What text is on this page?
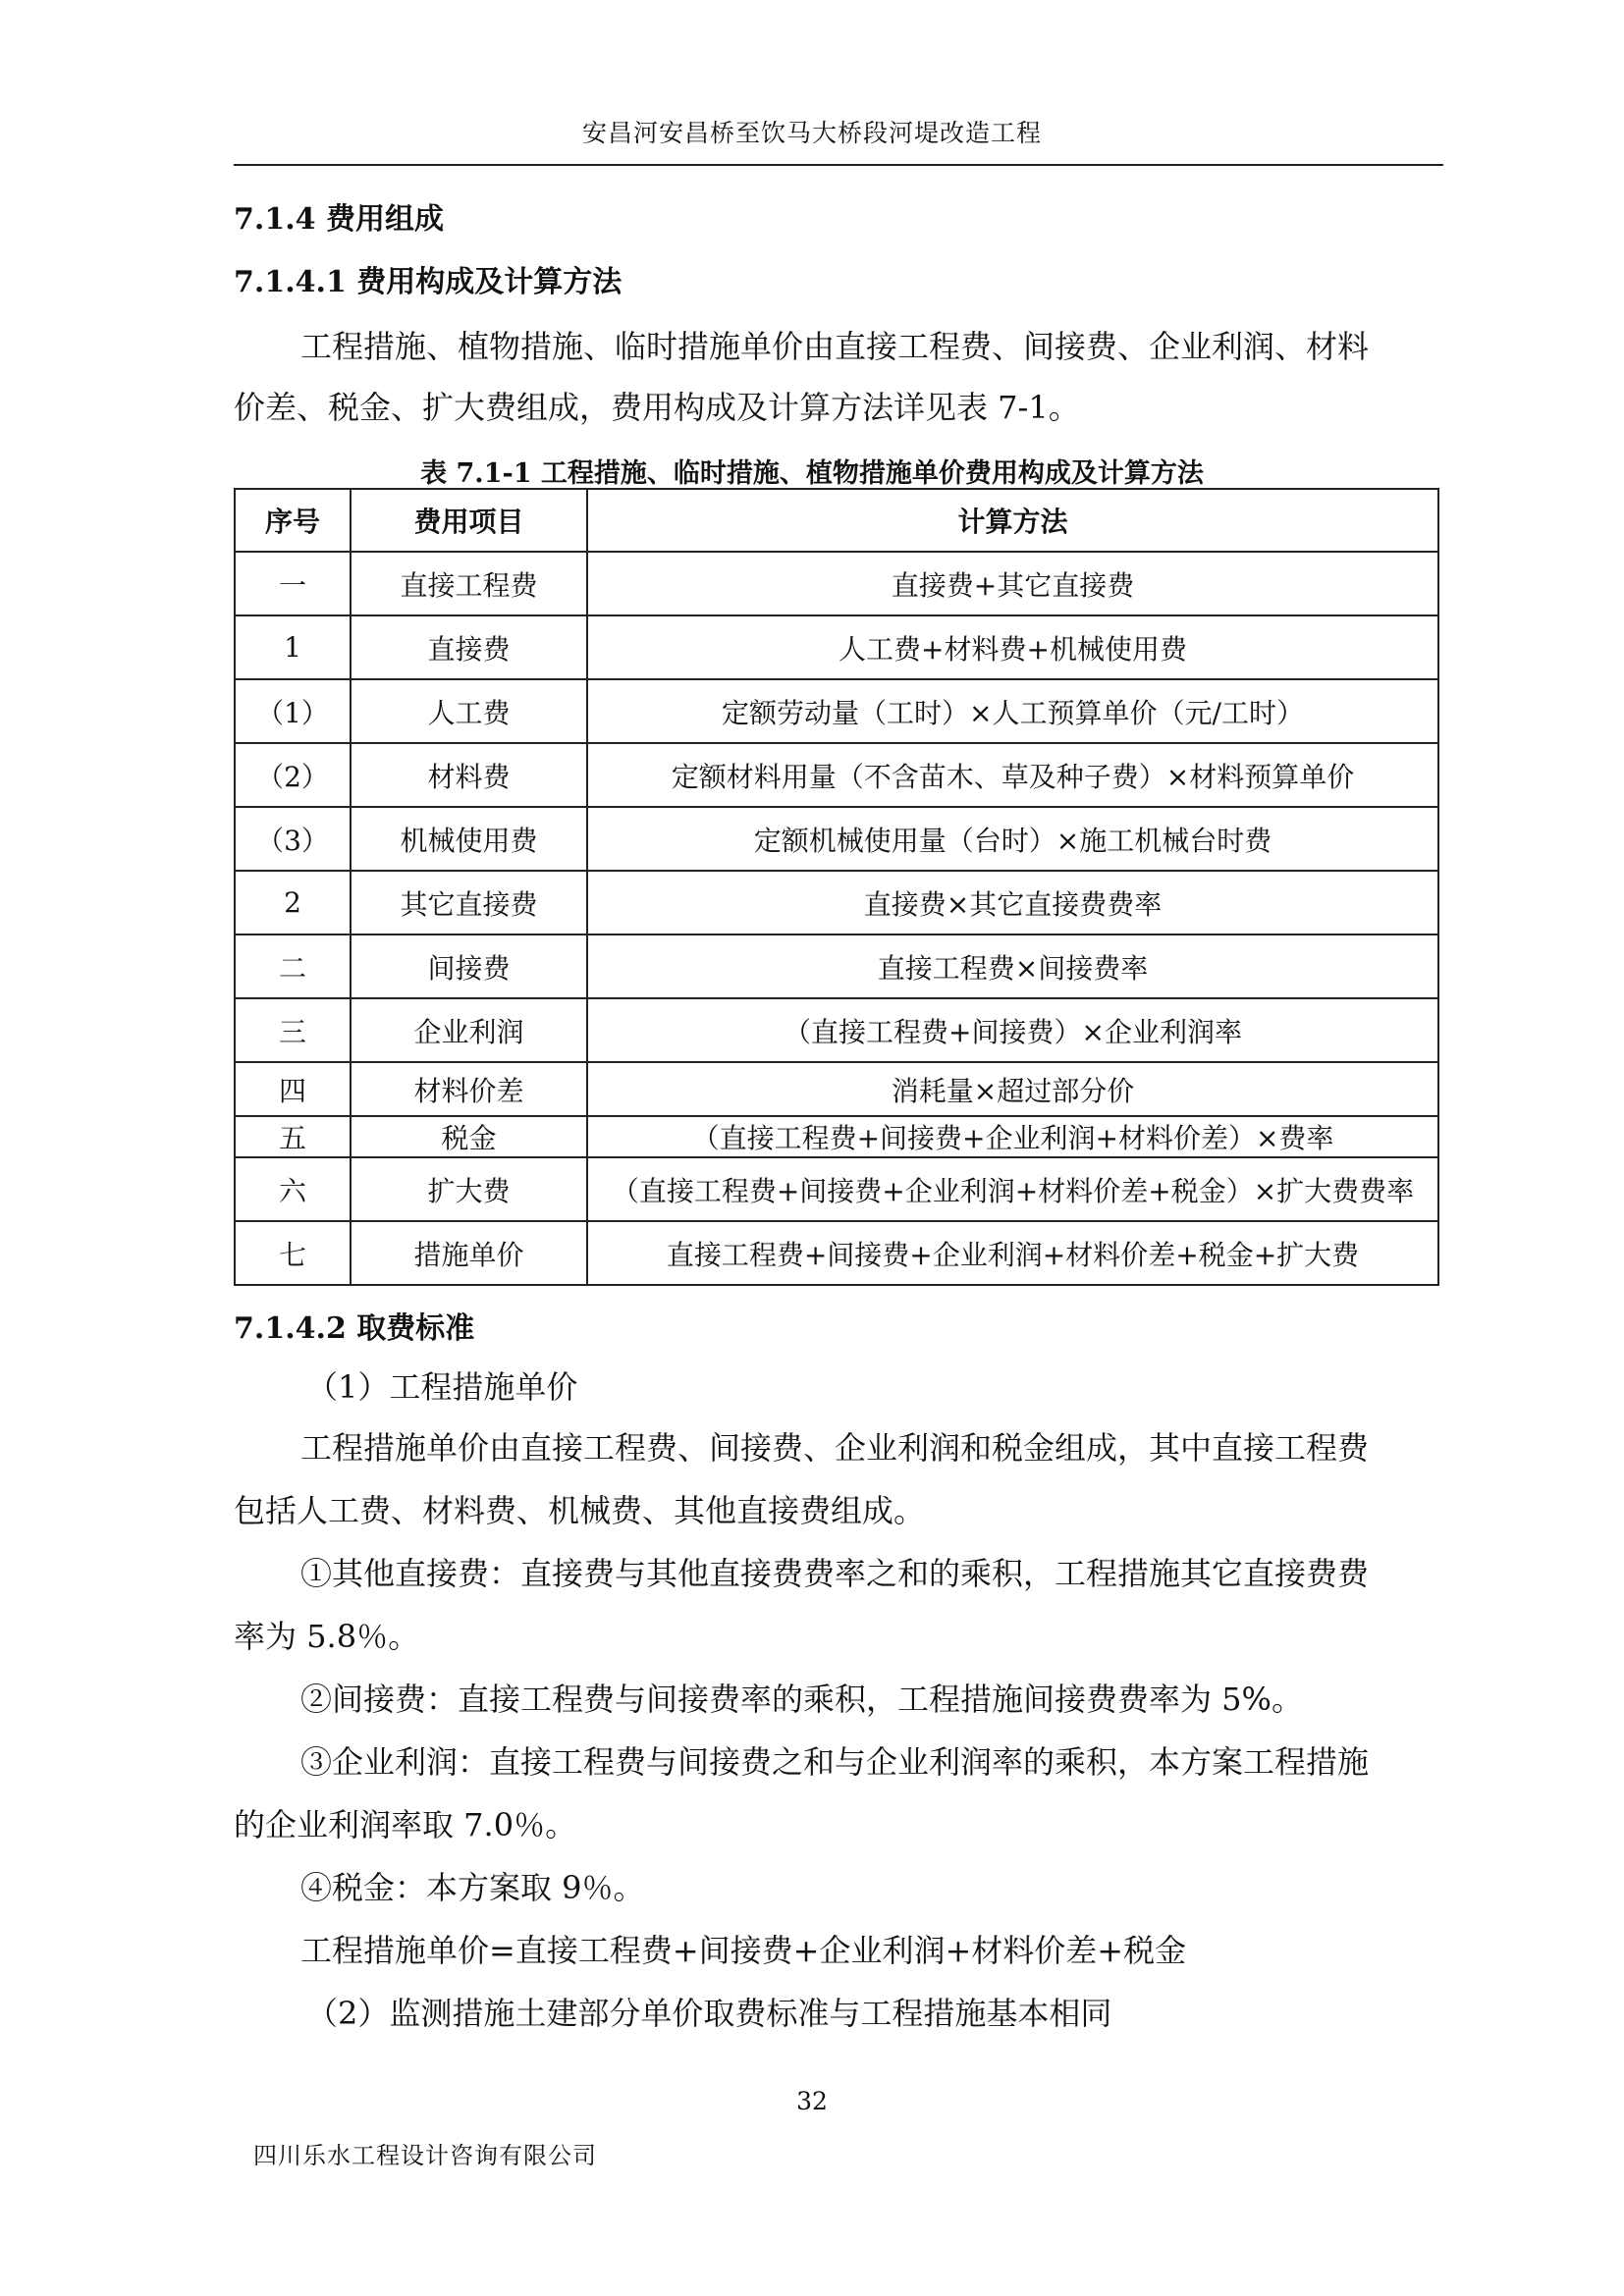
安昌河安昌桥至饮马大桥段河堤改造工程
7.1.4 费用组成
7.1.4.1 费用构成及计算方法
工程措施、植物措施、临时措施单价由直接工程费、间接费、企业利润、材料
价差、税金、扩大费组成，费用构成及计算方法详见表 7-1。
表 7.1-1 工程措施、临时措施、植物措施单价费用构成及计算方法
序号	费用项目	计算方法
一	直接工程费	直接费+其它直接费
1	直接费	人工费+材料费+机械使用费
（1）	人工费	定额劳动量（工时）×人工预算单价（元/工时）
（2）	材料费	定额材料用量（不含苗木、草及种子费）×材料预算单价
（3）	机械使用费	定额机械使用量（台时）×施工机械台时费
2	其它直接费	直接费×其它直接费费率
二	间接费	直接工程费×间接费率
三	企业利润	（直接工程费+间接费）×企业利润率
四	材料价差	消耗量×超过部分价
五	税金	（直接工程费+间接费+企业利润+材料价差）×费率
六	扩大费	（直接工程费+间接费+企业利润+材料价差+税金）×扩大费费率
七	措施单价	直接工程费+间接费+企业利润+材料价差+税金+扩大费
7.1.4.2 取费标准
（1）工程措施单价
工程措施单价由直接工程费、间接费、企业利润和税金组成，其中直接工程费
包括人工费、材料费、机械费、其他直接费组成。
①其他直接费：直接费与其他直接费费率之和的乘积，工程措施其它直接费费
率为 5.8％。
②间接费：直接工程费与间接费率的乘积，工程措施间接费费率为 5%。
③企业利润：直接工程费与间接费之和与企业利润率的乘积，本方案工程措施
的企业利润率取 7.0％。
④税金：本方案取 9％。
工程措施单价=直接工程费+间接费+企业利润+材料价差+税金
（2）监测措施土建部分单价取费标准与工程措施基本相同
32
四川乐水工程设计咨询有限公司
